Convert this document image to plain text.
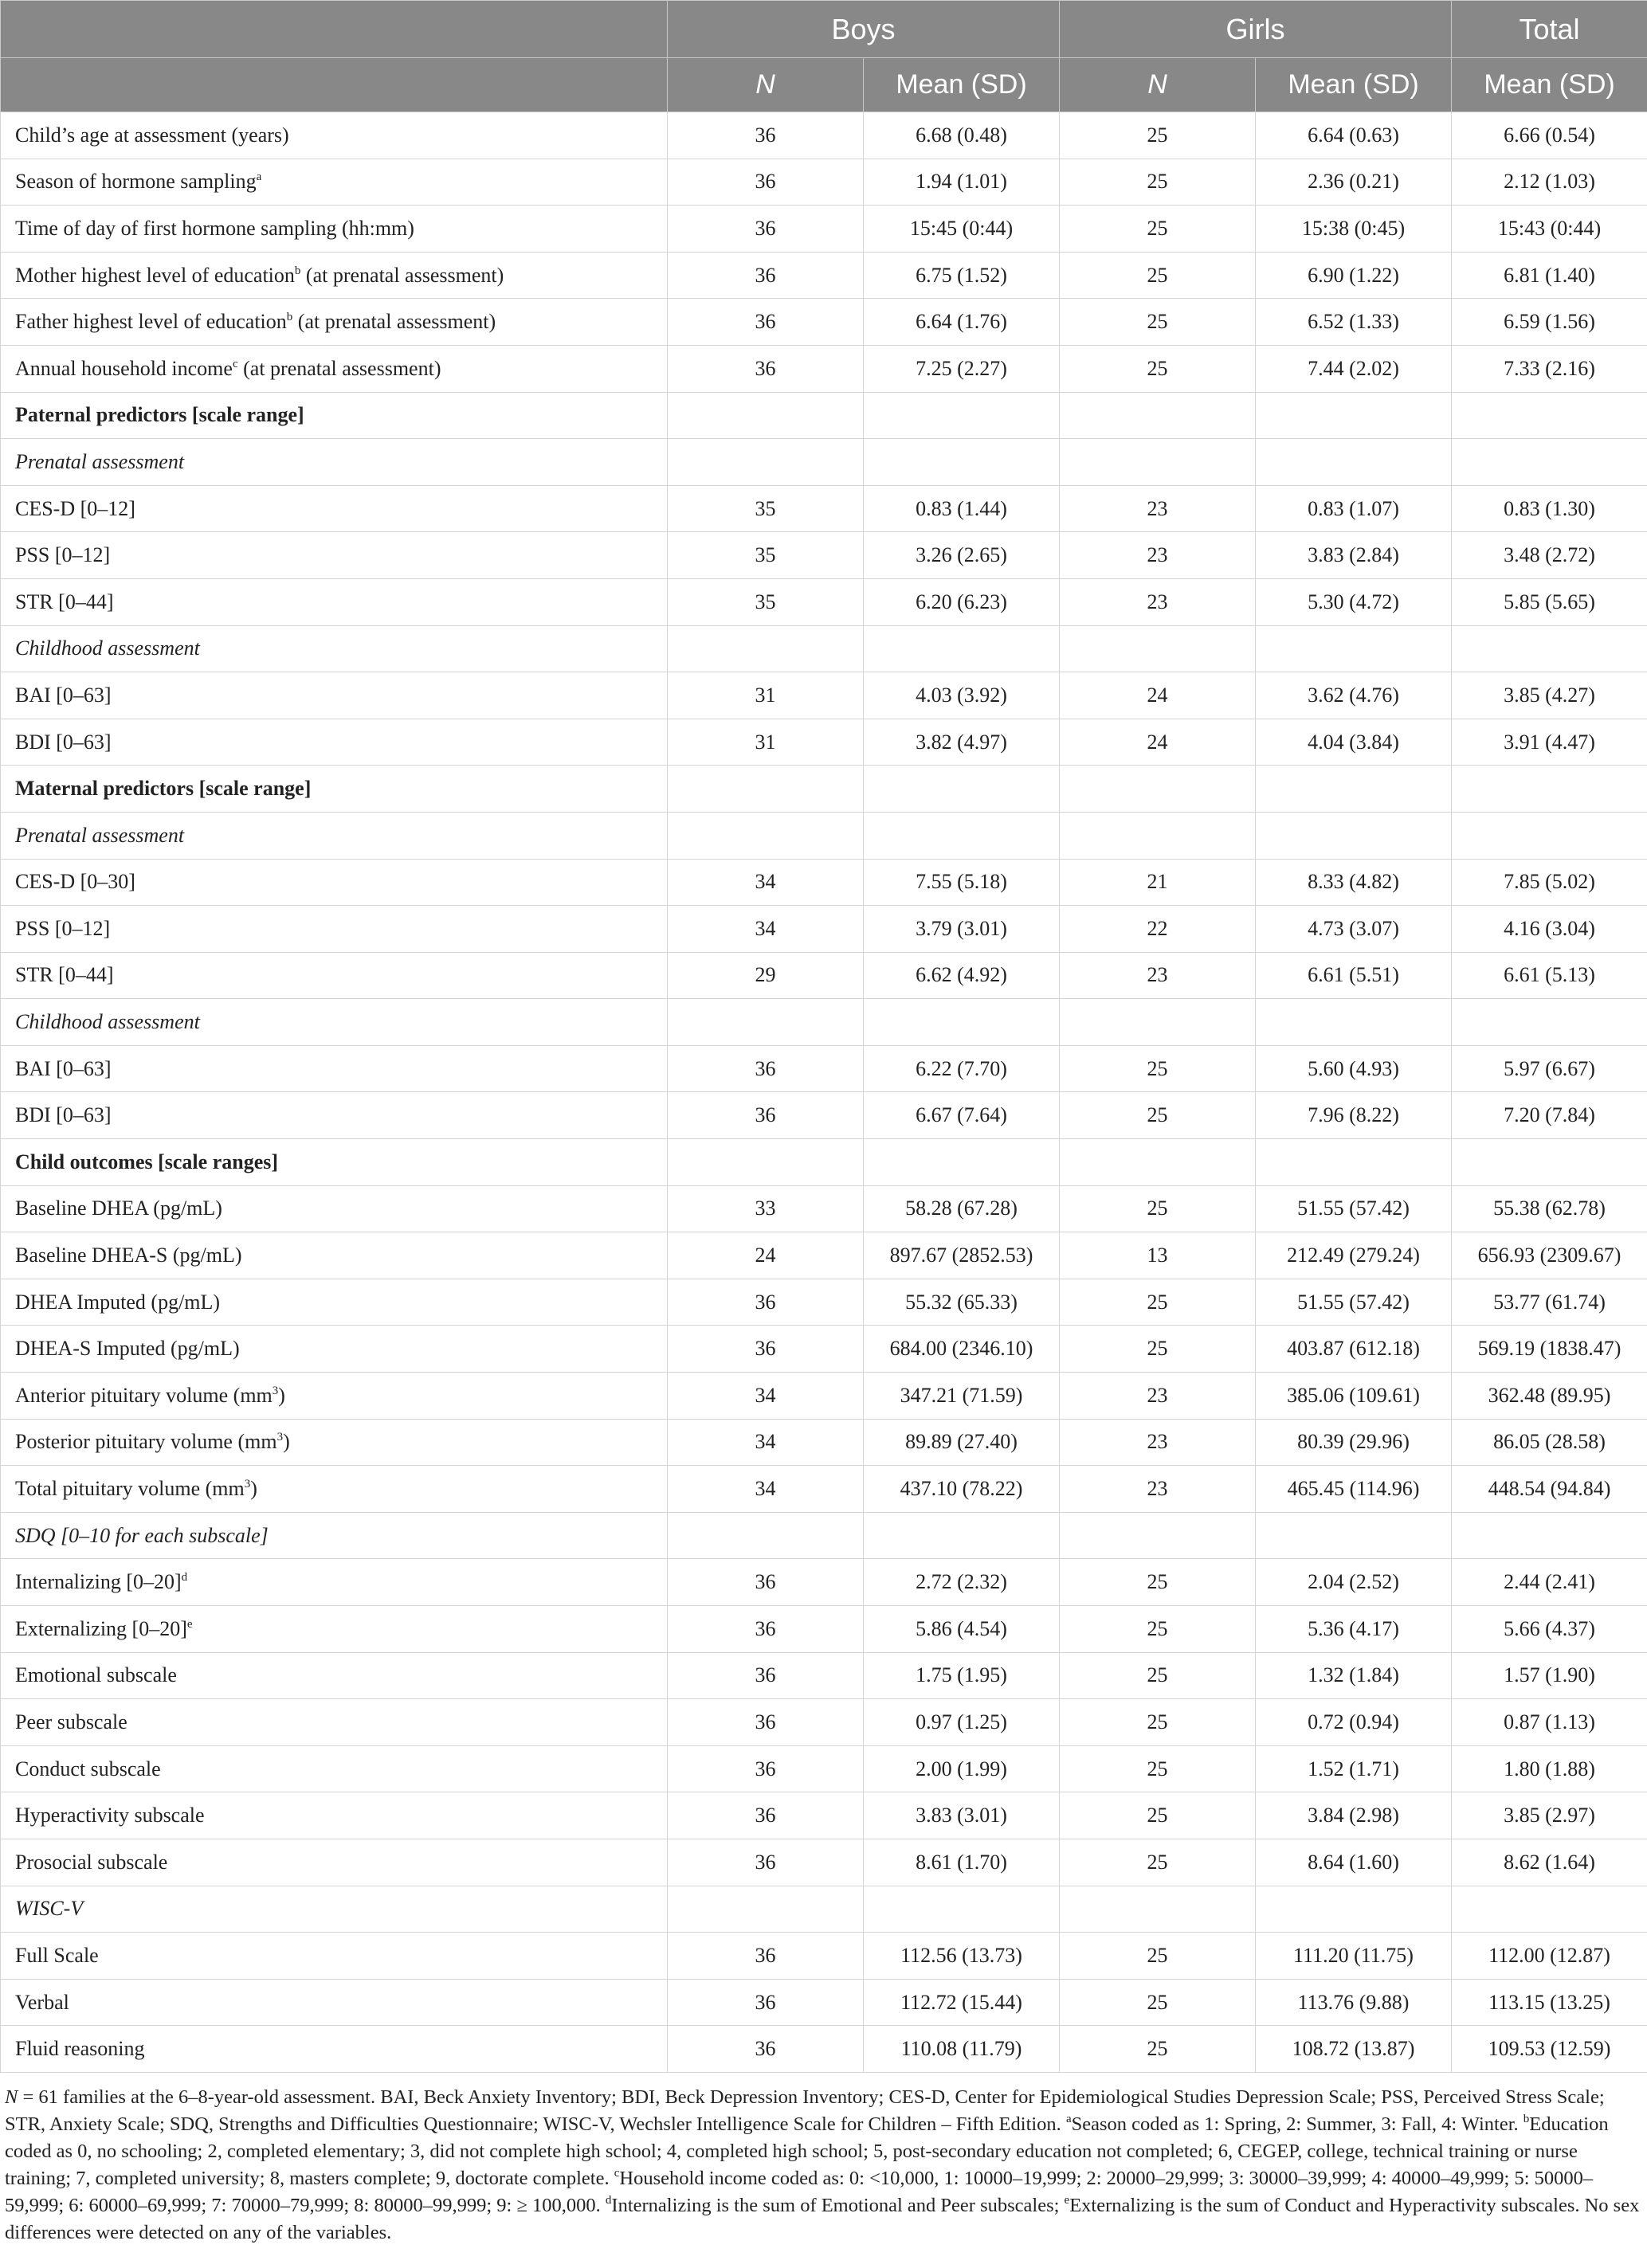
	Boys		Girls		Total
	N	Mean (SD)	N	Mean (SD)	Mean (SD)
Child’s age at assessment (years)	36	6.68 (0.48)	25	6.64 (0.63)	6.66 (0.54)
Season of hormone sampling$^a$	36	1.94 (1.01)	25	2.36 (0.21)	2.12 (1.03)
Time of day of first hormone sampling (hh:mm)	36	15:45 (0:44)	25	15:38 (0:45)	15:43 (0:44)
Mother highest level of education$^b$ (at prenatal assessment)	36	6.75 (1.52)	25	6.90 (1.22)	6.81 (1.40)
Father highest level of education$^b$ (at prenatal assessment)	36	6.64 (1.76)	25	6.52 (1.33)	6.59 (1.56)
Annual household income$^c$ (at prenatal assessment)	36	7.25 (2.27)	25	7.44 (2.02)	7.33 (2.16)
Paternal predictors [scale range]					
Prenatal assessment					
CES-D [0–12]	35	0.83 (1.44)	23	0.83 (1.07)	0.83 (1.30)
PSS [0–12]	35	3.26 (2.65)	23	3.83 (2.84)	3.48 (2.72)
STR [0–44]	35	6.20 (6.23)	23	5.30 (4.72)	5.85 (5.65)
Childhood assessment					
BAI [0–63]	31	4.03 (3.92)	24	3.62 (4.76)	3.85 (4.27)
BDI [0–63]	31	3.82 (4.97)	24	4.04 (3.84)	3.91 (4.47)
Maternal predictors [scale range]					
Prenatal assessment					
CES-D [0–30]	34	7.55 (5.18)	21	8.33 (4.82)	7.85 (5.02)
PSS [0–12]	34	3.79 (3.01)	22	4.73 (3.07)	4.16 (3.04)
STR [0–44]	29	6.62 (4.92)	23	6.61 (5.51)	6.61 (5.13)
Childhood assessment					
BAI [0–63]	36	6.22 (7.70)	25	5.60 (4.93)	5.97 (6.67)
BDI [0–63]	36	6.67 (7.64)	25	7.96 (8.22)	7.20 (7.84)
Child outcomes [scale ranges]					
Baseline DHEA (pg/mL)	33	58.28 (67.28)	25	51.55 (57.42)	55.38 (62.78)
Baseline DHEA-S (pg/mL)	24	897.67 (2852.53)	13	212.49 (279.24)	656.93 (2309.67)
DHEA Imputed (pg/mL)	36	55.32 (65.33)	25	51.55 (57.42)	53.77 (61.74)
DHEA-S Imputed (pg/mL)	36	684.00 (2346.10)	25	403.87 (612.18)	569.19 (1838.47)
Anterior pituitary volume $(mm^3)$	34	347.21 (71.59)	23	385.06 (109.61)	362.48 (89.95)
Posterior pituitary volume $(mm^3)$	34	89.89 (27.40)	23	80.39 (29.96)	86.05 (28.58)
Total pituitary volume $(mm^3)$	34	437.10 (78.22)	23	465.45 (114.96)	448.54 (94.84)
SDQ [0–10 for each subscale]					
Internalizing $[0-20]^d$	36	2.72 (2.32)	25	2.04 (2.52)	2.44 (2.41)
Externalizing $[0-20]^e$	36	5.86 (4.54)	25	5.36 (4.17)	5.66 (4.37)
Emotional subscale	36	1.75 (1.95)	25	1.32 (1.84)	1.57 (1.90)
Peer subscale	36	0.97 (1.25)	25	0.72 (0.94)	0.87 (1.13)
Conduct subscale	36	2.00 (1.99)	25	1.52 (1.71)	1.80 (1.88)
Hyperactivity subscale	36	3.83 (3.01)	25	3.84 (2.98)	3.85 (2.97)
Prosocial subscale	36	8.61 (1.70)	25	8.64 (1.60)	8.62 (1.64)
WISC-V					
Full Scale	36	112.56 (13.73)	25	111.20 (11.75)	112.00 (12.87)
Verbal	36	112.72 (15.44)	25	113.76 (9.88)	113.15 (13.25)
Fluid reasoning	36	110.08 (11.79)	25	108.72 (13.87)	109.53 (12.59)
N = 61 families at the 6–8-year-old assessment. BAI, Beck Anxiety Inventory; BDI, Beck Depression Inventory; CES-D, Center for Epidemiological Studies Depression Scale; PSS, Perceived Stress Scale; STR, Anxiety Scale; SDQ, Strengths and Difficulties Questionnaire; WISC-V, Wechsler Intelligence Scale for Children – Fifth Edition. $^a$Season coded as 1: Spring, 2: Summer, 3: Fall, 4: Winter. $^b$Education coded as 0, no schooling; 2, completed elementary; 3, did not complete high school; 4, completed high school; 5, post-secondary education not completed; 6, CEGEP, college, technical training or nurse training; 7, completed university; 8, masters complete; 9, doctorate complete. $^c$Household income coded as: 0: <10,000, 1: 10000–19,999; 2: 20000–29,999; 3: 30000–39,999; 4: 40000–49,999; 5: 50000–59,999; 6: 60000–69,999; 7: 70000–79,999; 8: 80000–99,999; 9: ≥ 100,000. $^d$Internalizing is the sum of Emotional and Peer subscales; $^e$Externalizing is the sum of Conduct and Hyperactivity subscales. No sex differences were detected on any of the variables.
